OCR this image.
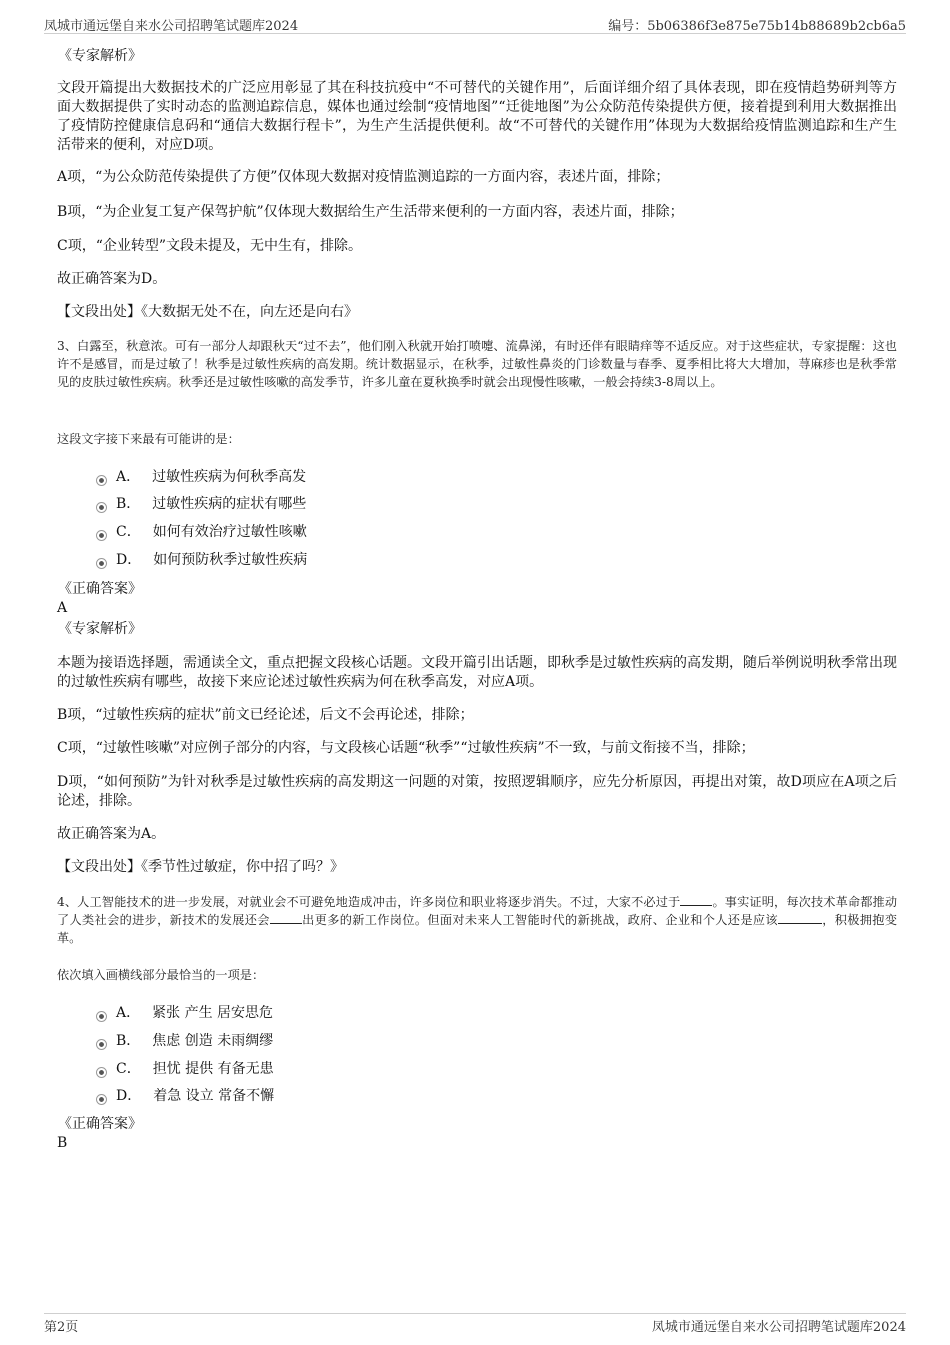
凤城市通远堡自来水公司招聘笔试题库2024	编号：5b06386f3e875e75b14b88689b2cb6a5

《专家解析》

文段开篇提出大数据技术的广泛应用彰显了其在科技抗疫中“不可替代的关键作用”，后面详细介绍了具体表现，即在疫情趋势研判等方面大数据提供了实时动态的监测追踪信息，媒体也通过绘制“疫情地图”“迁徙地图”为公众防范传染提供方便，接着提到利用大数据推出了疫情防控健康信息码和“通信大数据行程卡”，为生产生活提供便利。故“不可替代的关键作用”体现为大数据给疫情监测追踪和生产生活带来的便利，对应D项。

A项，“为公众防范传染提供了方便”仅体现大数据对疫情监测追踪的一方面内容，表述片面，排除；

B项，“为企业复工复产保驾护航”仅体现大数据给生产生活带来便利的一方面内容，表述片面，排除；

C项，“企业转型”文段未提及，无中生有，排除。

故正确答案为D。

【文段出处】《大数据无处不在，向左还是向右》

3、白露至，秋意浓。可有一部分人却跟秋天“过不去”，他们刚入秋就开始打喷嚏、流鼻涕，有时还伴有眼睛痒等不适反应。对于这些症状，专家提醒：这也许不是感冒，而是过敏了！秋季是过敏性疾病的高发期。统计数据显示，在秋季，过敏性鼻炎的门诊数量与春季、夏季相比将大大增加，荨麻疹也是秋季常见的皮肤过敏性疾病。秋季还是过敏性咳嗽的高发季节，许多儿童在夏秋换季时就会出现慢性咳嗽，一般会持续3-8周以上。

这段文字接下来最有可能讲的是：

A． 过敏性疾病为何秋季高发
B． 过敏性疾病的症状有哪些
C． 如何有效治疗过敏性咳嗽
D． 如何预防秋季过敏性疾病

《正确答案》

A

《专家解析》

本题为接语选择题，需通读全文，重点把握文段核心话题。文段开篇引出话题，即秋季是过敏性疾病的高发期，随后举例说明秋季常出现的过敏性疾病有哪些，故接下来应论述过敏性疾病为何在秋季高发，对应A项。

B项，“过敏性疾病的症状”前文已经论述，后文不会再论述，排除；

C项，“过敏性咳嗽”对应例子部分的内容，与文段核心话题“秋季”“过敏性疾病”不一致，与前文衔接不当，排除；

D项，“如何预防”为针对秋季是过敏性疾病的高发期这一问题的对策，按照逻辑顺序，应先分析原因，再提出对策，故D项应在A项之后论述，排除。

故正确答案为A。

【文段出处】《季节性过敏症，你中招了吗？》

4、人工智能技术的进一步发展，对就业会不可避免地造成冲击，许多岗位和职业将逐步消失。不过，大家不必过于	。事实证明，每次技术革命都推动了人类社会的进步，新技术的发展还会	出更多的新工作岗位。但面对未来人工智能时代的新挑战，政府、企业和个人还是应该	，积极拥抱变革。

依次填入画横线部分最恰当的一项是：

A． 紧张 产生 居安思危
B． 焦虑 创造 未雨绸缪
C． 担忧 提供 有备无患
D． 着急 设立 常备不懈

《正确答案》

B

第2页	凤城市通远堡自来水公司招聘笔试题库2024
